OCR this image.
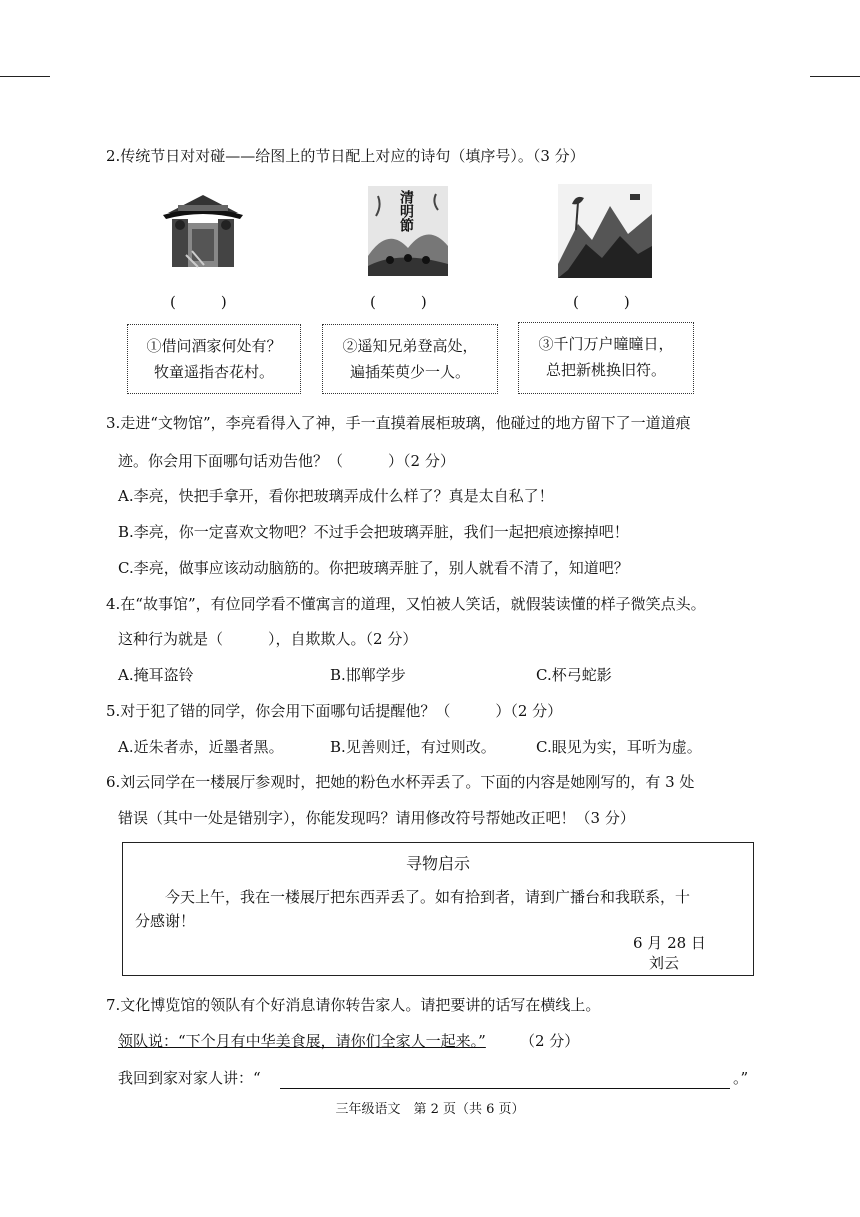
2.传统节日对对碰——给图上的节日配上对应的诗句（填序号）。（3 分）
清明節
(　　　)	(　　　)	(　　　)
①借问酒家何处有？
牧童遥指杏花村。
②遥知兄弟登高处，
遍插茱萸少一人。
③千门万户曈曈日，
总把新桃换旧符。
3.走进“文物馆”，李亮看得入了神，手一直摸着展柜玻璃，他碰过的地方留下了一道道痕
迹。你会用下面哪句话劝告他？（　　　）（2 分）
A.李亮，快把手拿开，看你把玻璃弄成什么样了？真是太自私了！
B.李亮，你一定喜欢文物吧？不过手会把玻璃弄脏，我们一起把痕迹擦掉吧！
C.李亮，做事应该动动脑筋的。你把玻璃弄脏了，别人就看不清了，知道吧？
4.在“故事馆”，有位同学看不懂寓言的道理，又怕被人笑话，就假装读懂的样子微笑点头。
这种行为就是（　　　），自欺欺人。（2 分）
A.掩耳盗铃	B.邯郸学步	C.杯弓蛇影
5.对于犯了错的同学，你会用下面哪句话提醒他？（　　　）（2 分）
A.近朱者赤，近墨者黑。	B.见善则迁，有过则改。	C.眼见为实，耳听为虚。
6.刘云同学在一楼展厅参观时，把她的粉色水杯弄丢了。下面的内容是她刚写的，有 3 处
错误（其中一处是错别字），你能发现吗？请用修改符号帮她改正吧！（3 分）
寻物启示
今天上午，我在一楼展厅把东西弄丢了。如有拾到者，请到广播台和我联系，十
分感谢！
6 月 28 日
刘云
7.文化博览馆的领队有个好消息请你转告家人。请把要讲的话写在横线上。
领队说：“下个月有中华美食展，请你们全家人一起来。” （2 分）
我回到家对家人讲：“	。”
三年级语文　第 2 页（共 6 页）
